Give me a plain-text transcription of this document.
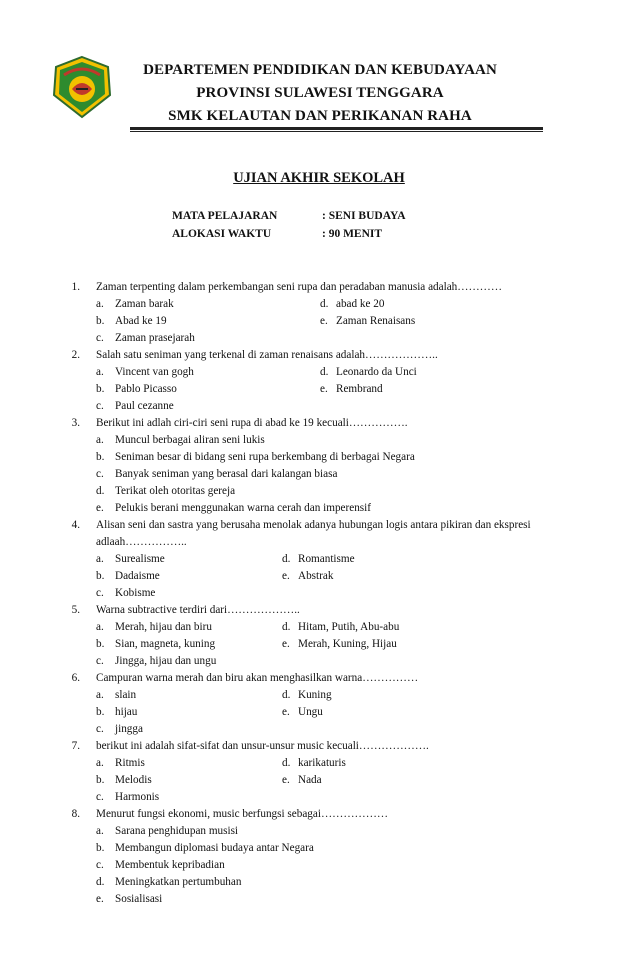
DEPARTEMEN PENDIDIKAN DAN KEBUDAYAAN
PROVINSI SULAWESI TENGGARA
SMK KELAUTAN DAN PERIKANAN RAHA
UJIAN AKHIR SEKOLAH
MATA PELAJARAN	: SENI BUDAYA
ALOKASI WAKTU	: 90 MENIT
1. Zaman terpenting dalam perkembangan seni rupa dan peradaban manusia adalah…………
a. Zaman barak	d. abad ke 20
b. Abad ke 19	e. Zaman Renaisans
c. Zaman prasejarah
2. Salah satu seniman yang terkenal di zaman renaisans adalah………………..
a. Vincent van gogh	d. Leonardo da Unci
b. Pablo Picasso	e. Rembrand
c. Paul cezanne
3. Berikut ini adlah ciri-ciri seni rupa di abad ke 19 kecuali…………….
a. Muncul berbagai aliran seni lukis
b. Seniman besar di bidang seni rupa berkembang di berbagai Negara
c. Banyak seniman yang berasal dari kalangan biasa
d. Terikat oleh otoritas gereja
e. Pelukis berani menggunakan warna cerah dan imperensif
4. Alisan seni dan sastra yang berusaha menolak adanya hubungan logis antara pikiran dan ekspresi
adlaah……………..
a. Surealisme	d. Romantisme
b. Dadaisme	e. Abstrak
c. Kobisme
5. Warna subtractive terdiri dari………………..
a. Merah, hijau dan biru	d. Hitam, Putih, Abu-abu
b. Sian, magneta, kuning	e. Merah, Kuning, Hijau
c. Jingga, hijau dan ungu
6. Campuran warna merah dan biru akan menghasilkan warna……………
a. slain	d. Kuning
b. hijau	e. Ungu
c. jingga
7. berikut ini adalah sifat-sifat dan unsur-unsur music kecuali……………….
a. Ritmis	d. karikaturis
b. Melodis	e. Nada
c. Harmonis
8. Menurut fungsi ekonomi, music berfungsi sebagai………………
a. Sarana penghidupan musisi
b. Membangun diplomasi budaya antar Negara
c. Membentuk kepribadian
d. Meningkatkan pertumbuhan
e. Sosialisasi
